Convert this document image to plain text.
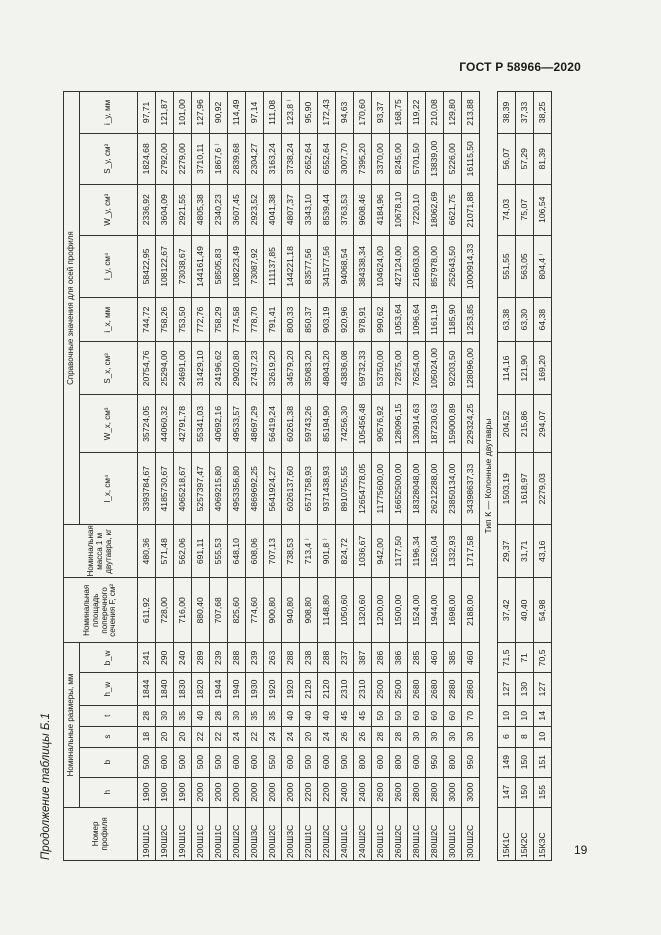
ГОСТ Р 58966—2020
Продолжение таблицы Б.1	Номер профиля	Номинальные размеры, мм						Номинальная площадь поперечного сечения F, см²	Номинальная масса 1 м двутавра, кг	Справочные значения для осей профиля							
	h	b	s	t	h_w	b_w			I_x, см⁴	W_x, см³	S_x, см³	i_x, мм	I_y, см⁴	W_y, см³	S_y, см³	i_y, мм
190Ш1С	1900	500	18	28	1844	241	611,92	480,36	3393784,67	35724,05	20754,76	744,72	58422,95	2336,92	1824,68	97,71
190Ш2С	1900	600	20	30	1840	290	728,00	571,48	4185730,67	44060,32	25294,00	758,26	108122,67	3604,09	2792,00	121,87
190Ш1С	1900	500	20	35	1830	240	716,00	562,06	4065218,67	42791,78	24691,00	753,50	73038,67	2921,55	2279,00	101,00
200Ш1С	2000	500	22	40	1820	289	880,40	691,11	5257397,47	55341,03	31429,10	772,76	144161,49	4805,38	3710,11	127,96
200Ш1С	2000	500	22	28	1944	239	707,68	555,53	4069215,80	40692,16	24196,62	758,29	58505,83	2340,23	1867,6 ⁾	90,92
200Ш2С	2000	600	24	30	1940	288	825,60	648,10	4953356,80	49533,57	29020,80	774,58	108223,49	3607,45	2839,68	114,49
200Ш3С	2000	600	22	35	1930	239	774,60	608,06	4869692,25	48697,29	27437,23	778,70	73087,92	2923,52	2304,27	97,14
200Ш2С	2000	550	24	35	1920	263	900,80	707,13	5641924,27	56419,24	32619,20	791,41	111137,85	4041,38	3163,24	111,08
200Ш3С	2000	600	24	40	1920	288	940,80	738,53	6026137,60	60261,38	34579,20	800,33	144221,18	4807,37	3738,24	123,8 ⁾
220Ш1С	2200	500	20	40	2120	238	908,80	713,4 ⁾	6571758,93	59743,26	35083,20	850,37	83577,56	3343,10	2652,64	95,90
220Ш2С	2200	600	24	40	2120	288	1148,80	901,8 ⁾	9371438,93	85194,90	48043,20	903,19	341577,56	8539,44	6552,64	172,43
240Ш1С	2400	500	26	45	2310	237	1050,60	824,72	8910755,55	74256,30	43836,08	920,96	94068,54	3763,53	3007,70	94,63
240Ш2С	2400	800	26	45	2310	387	1320,60	1036,67	12654778,05	105456,48	59732,33	978,91	384338,34	9608,46	7395,20	170,60
260Ш1С	2600	600	28	50	2500	286	1200,00	942,00	11775600,00	90576,92	53750,00	990,62	104624,00	4184,96	3370,00	93,37
260Ш2С	2600	800	28	50	2500	386	1500,00	1177,50	16652500,00	128096,15	72875,00	1053,64	427124,00	10678,10	8245,00	168,75
280Ш1С	2800	600	30	60	2680	285	1524,00	1196,34	18328048,00	130914,63	76254,00	1096,64	216603,00	7220,10	5701,50	119,22
280Ш2С	2800	950	30	60	2680	460	1944,00	1526,04	26212288,00	187230,63	105024,00	1161,19	857978,00	18062,69	13839,00	210,08
300Ш1С	3000	800	30	60	2880	385	1698,00	1332,93	23850134,00	159000,89	92203,50	1185,90	252643,50	6621,75	5226,00	129,80
300Ш2С	3000	950	30	70	2860	460	2188,00	1717,58	34398637,33	229324,25	128096,00	1253,85	1000914,33	21071,88	16115,50	213,88
Тип К — Колонные двутавры																
15К1С	147	149	6	10	127	71,5	37,42	29,37	1503,19	204,52	114,16	63,38	551,55	74,03	56,07	38,39
15К2С	150	150	8	10	130	71	40,40	31,71	1618,97	215,86	121,90	63,30	563,05	75,07	57,29	37,33
15К3С	155	151	10	14	127	70,5	54,98	43,16	2279,03	294,07	169,20	64,38	804,4 ⁾	106,54	81,39	38,25
19
